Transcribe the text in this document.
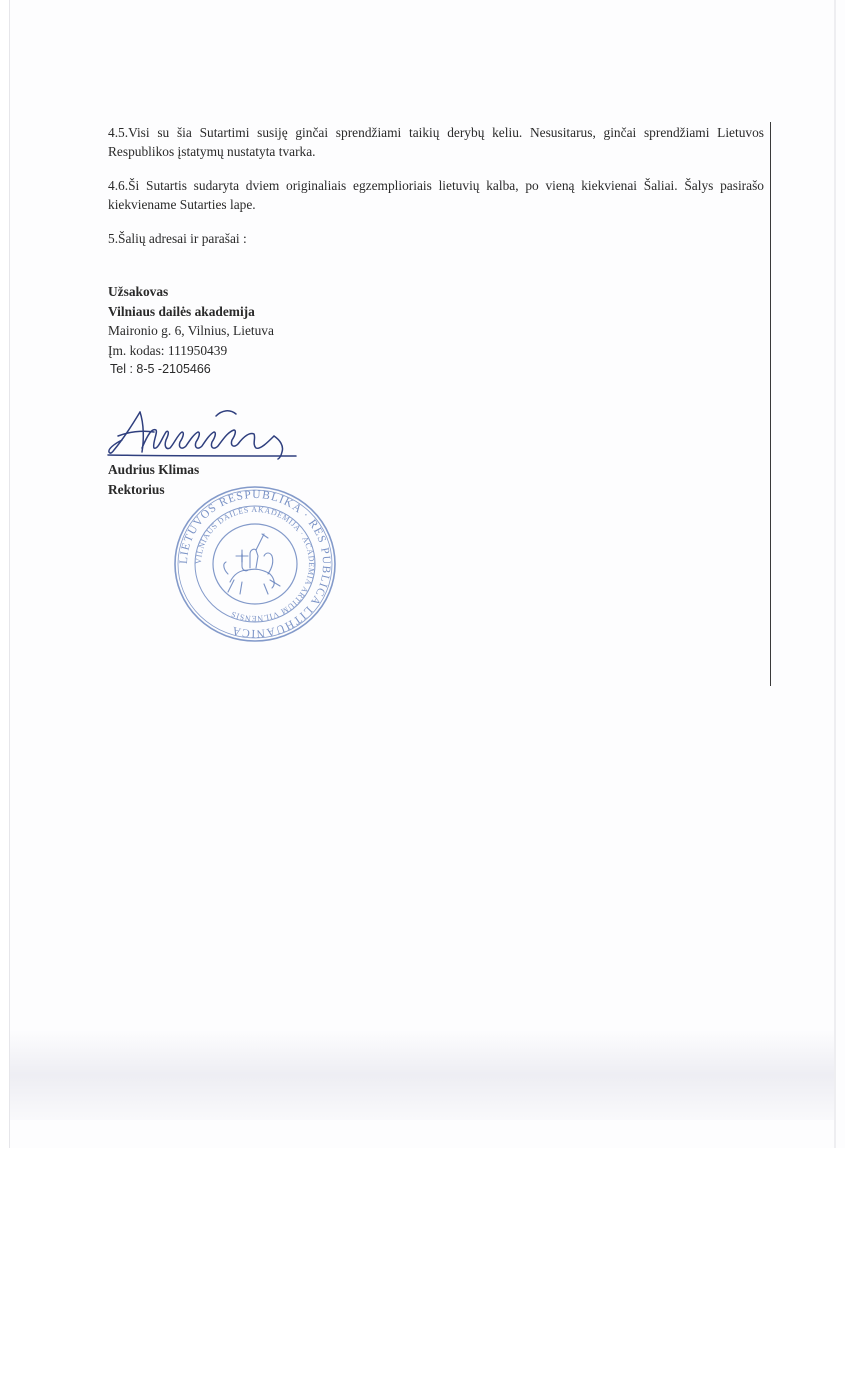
4.5.Visi su šia Sutartimi susiję ginčai sprendžiami taikių derybų keliu. Nesusitarus, ginčai sprendžiami Lietuvos Respublikos įstatymų nustatyta tvarka.

4.6.Ši Sutartis sudaryta dviem originaliais egzemplioriais lietuvių kalba, po vieną kiekvienai Šaliai. Šalys pasirašo kiekviename Sutarties lape.

5.Šalių adresai ir parašai :

Užsakovas
Vilniaus dailės akademija
Maironio g. 6, Vilnius, Lietuva
Įm. kodas: 111950439
Tel : 8-5 -2105466
Audrius Klimas
Rektorius
LIETUVOS RESPUBLIKA · RES PUBLICA LITHUANICA
VILNIAUS DAILĖS AKADEMIJA · ACADEMIA ARTIUM VILNENSIS
